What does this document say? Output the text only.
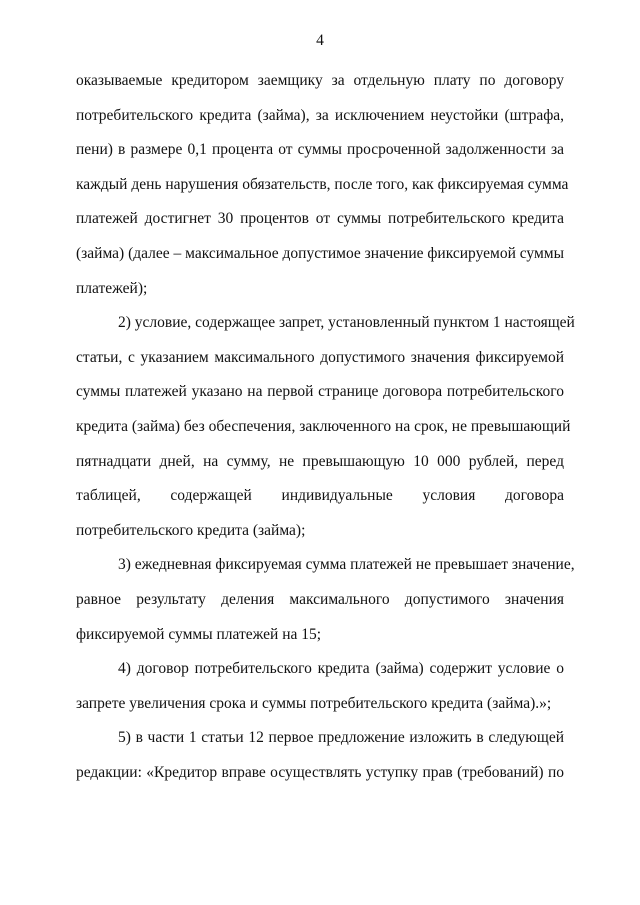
4
оказываемые кредитором заемщику за отдельную плату по договору
потребительского кредита (займа), за исключением неустойки (штрафа,
пени) в размере 0,1 процента от суммы просроченной задолженности за
каждый день нарушения обязательств, после того, как фиксируемая сумма
платежей достигнет 30 процентов от суммы потребительского кредита
(займа) (далее – максимальное допустимое значение фиксируемой суммы
платежей);
2) условие, содержащее запрет, установленный пунктом 1 настоящей
статьи, с указанием максимального допустимого значения фиксируемой
суммы платежей указано на первой странице договора потребительского
кредита (займа) без обеспечения, заключенного на срок, не превышающий
пятнадцати дней, на сумму, не превышающую 10 000 рублей, перед
таблицей, содержащей индивидуальные условия договора
потребительского кредита (займа);
3) ежедневная фиксируемая сумма платежей не превышает значение,
равное результату деления максимального допустимого значения
фиксируемой суммы платежей на 15;
4) договор потребительского кредита (займа) содержит условие о
запрете увеличения срока и суммы потребительского кредита (займа).»;
5) в части 1 статьи 12 первое предложение изложить в следующей
редакции: «Кредитор вправе осуществлять уступку прав (требований) по
